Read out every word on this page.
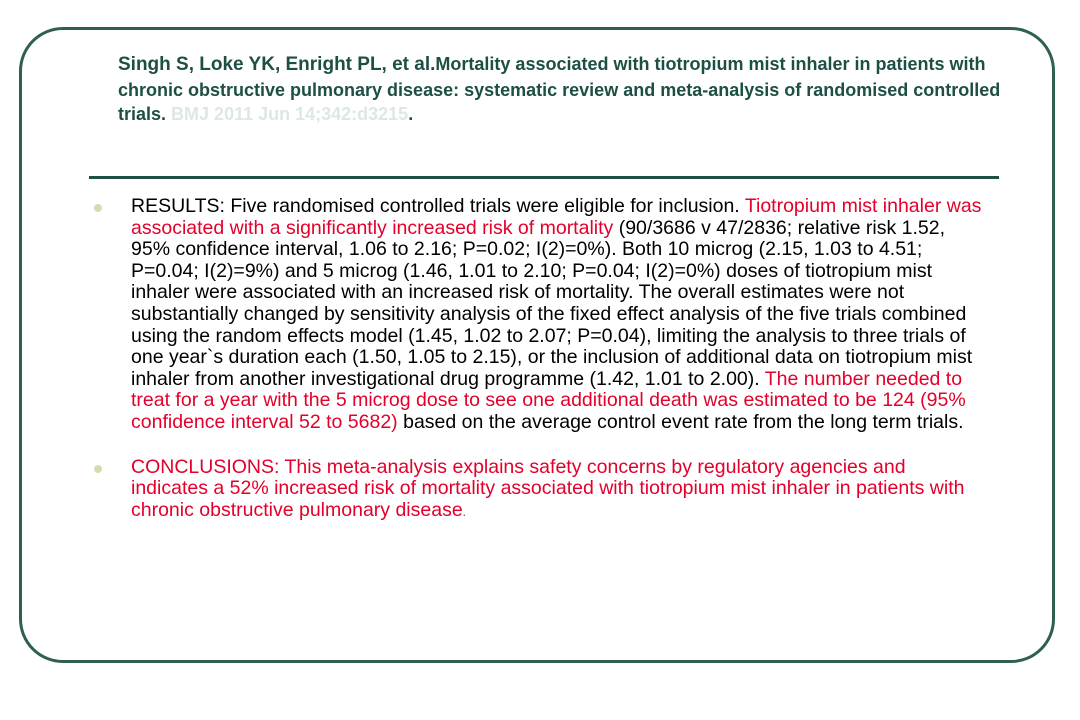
Singh S, Loke YK, Enright PL, et al.Mortality associated with tiotropium mist inhaler in patients with chronic obstructive pulmonary disease: systematic review and meta-analysis of randomised controlled trials. BMJ 2011 Jun 14;342:d3215.
RESULTS: Five randomised controlled trials were eligible for inclusion. Tiotropium mist inhaler was associated with a significantly increased risk of mortality (90/3686 v 47/2836; relative risk 1.52, 95% confidence interval, 1.06 to 2.16; P=0.02; I(2)=0%). Both 10 microg (2.15, 1.03 to 4.51; P=0.04; I(2)=9%) and 5 microg (1.46, 1.01 to 2.10; P=0.04; I(2)=0%) doses of tiotropium mist inhaler were associated with an increased risk of mortality. The overall estimates were not substantially changed by sensitivity analysis of the fixed effect analysis of the five trials combined using the random effects model (1.45, 1.02 to 2.07; P=0.04), limiting the analysis to three trials of one year`s duration each (1.50, 1.05 to 2.15), or the inclusion of additional data on tiotropium mist inhaler from another investigational drug programme (1.42, 1.01 to 2.00). The number needed to treat for a year with the 5 microg dose to see one additional death was estimated to be 124 (95% confidence interval 52 to 5682) based on the average control event rate from the long term trials.
CONCLUSIONS: This meta-analysis explains safety concerns by regulatory agencies and indicates a 52% increased risk of mortality associated with tiotropium mist inhaler in patients with chronic obstructive pulmonary disease.
